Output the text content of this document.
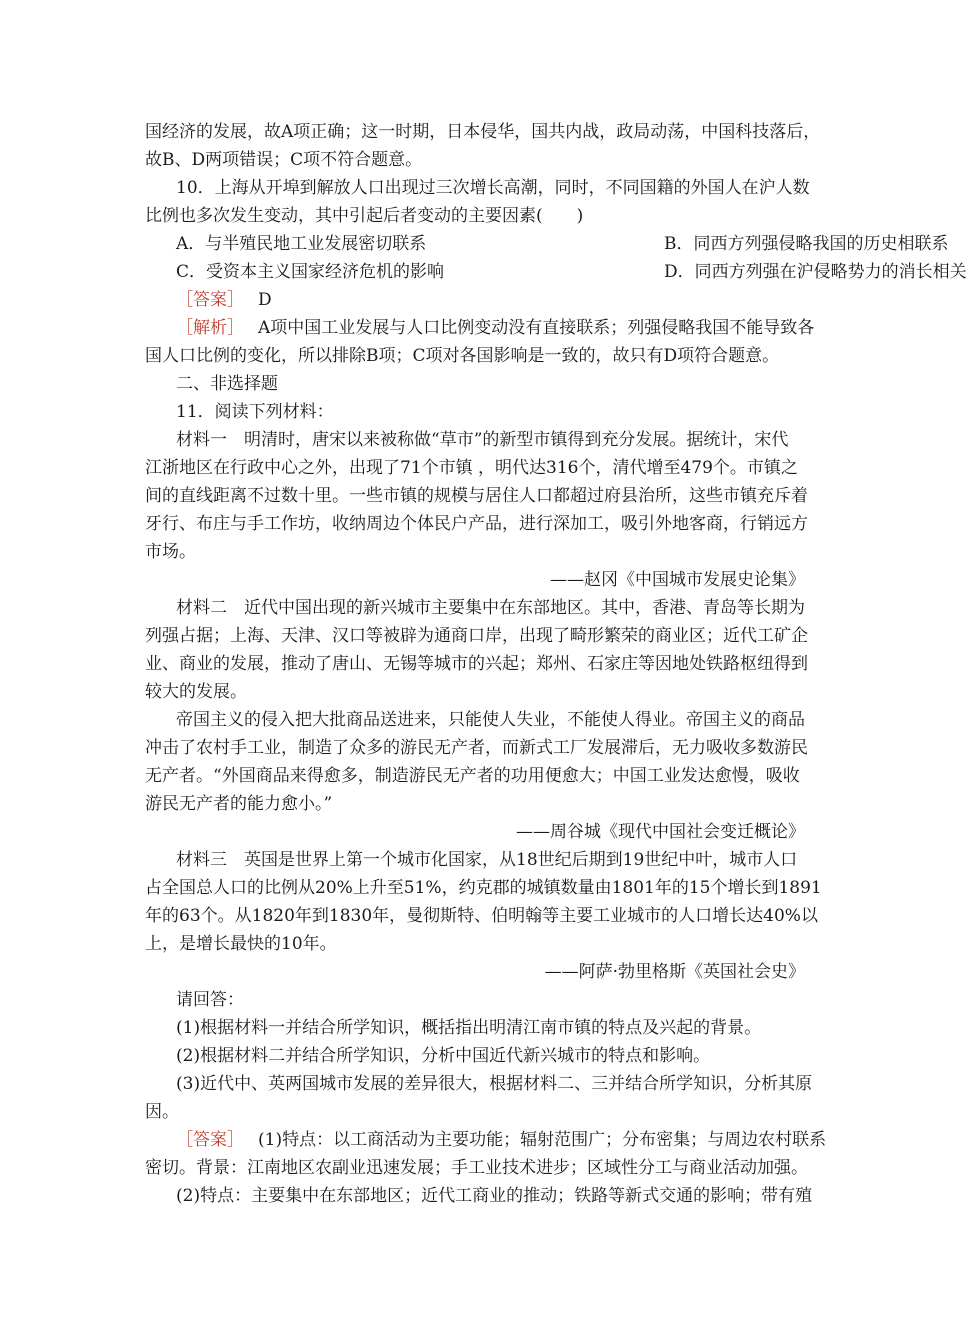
国经济的发展，故A项正确；这一时期，日本侵华，国共内战，政局动荡，中国科技落后，
故B、D两项错误；C项不符合题意。
10．上海从开埠到解放人口出现过三次增长高潮，同时，不同国籍的外国人在沪人数
比例也多次发生变动，其中引起后者变动的主要因素(　　)
A．与半殖民地工业发展密切联系	B．同西方列强侵略我国的历史相联系
C．受资本主义国家经济危机的影响	D．同西方列强在沪侵略势力的消长相关
［答案］ D
［解析］ A项中国工业发展与人口比例变动没有直接联系；列强侵略我国不能导致各
国人口比例的变化，所以排除B项；C项对各国影响是一致的，故只有D项符合题意。
二、非选择题
11．阅读下列材料：
材料一　明清时，唐宋以来被称做“草市”的新型市镇得到充分发展。据统计，宋代
江浙地区在行政中心之外，出现了71个市镇 ，明代达316个，清代增至479个。市镇之
间的直线距离不过数十里。一些市镇的规模与居住人口都超过府县治所，这些市镇充斥着
牙行、布庄与手工作坊，收纳周边个体民户产品，进行深加工，吸引外地客商，行销远方
市场。
——赵冈《中国城市发展史论集》
材料二　近代中国出现的新兴城市主要集中在东部地区。其中，香港、青岛等长期为
列强占据；上海、天津、汉口等被辟为通商口岸，出现了畸形繁荣的商业区；近代工矿企
业、商业的发展，推动了唐山、无锡等城市的兴起；郑州、石家庄等因地处铁路枢纽得到
较大的发展。
帝国主义的侵入把大批商品送进来，只能使人失业，不能使人得业。帝国主义的商品
冲击了农村手工业，制造了众多的游民无产者，而新式工厂发展滞后，无力吸收多数游民
无产者。“外国商品来得愈多，制造游民无产者的功用便愈大；中国工业发达愈慢，吸收
游民无产者的能力愈小。”
——周谷城《现代中国社会变迁概论》
材料三　英国是世界上第一个城市化国家，从18世纪后期到19世纪中叶，城市人口
占全国总人口的比例从20%上升至51%，约克郡的城镇数量由1801年的15个增长到1891
年的63个。从1820年到1830年，曼彻斯特、伯明翰等主要工业城市的人口增长达40%以
上，是增长最快的10年。
——阿萨·勃里格斯《英国社会史》
请回答：
(1)根据材料一并结合所学知识，概括指出明清江南市镇的特点及兴起的背景。
(2)根据材料二并结合所学知识，分析中国近代新兴城市的特点和影响。
(3)近代中、英两国城市发展的差异很大，根据材料二、三并结合所学知识，分析其原
因。
［答案］ (1)特点：以工商活动为主要功能；辐射范围广；分布密集；与周边农村联系
密切。背景：江南地区农副业迅速发展；手工业技术进步；区域性分工与商业活动加强。
(2)特点：主要集中在东部地区；近代工商业的推动；铁路等新式交通的影响；带有殖
